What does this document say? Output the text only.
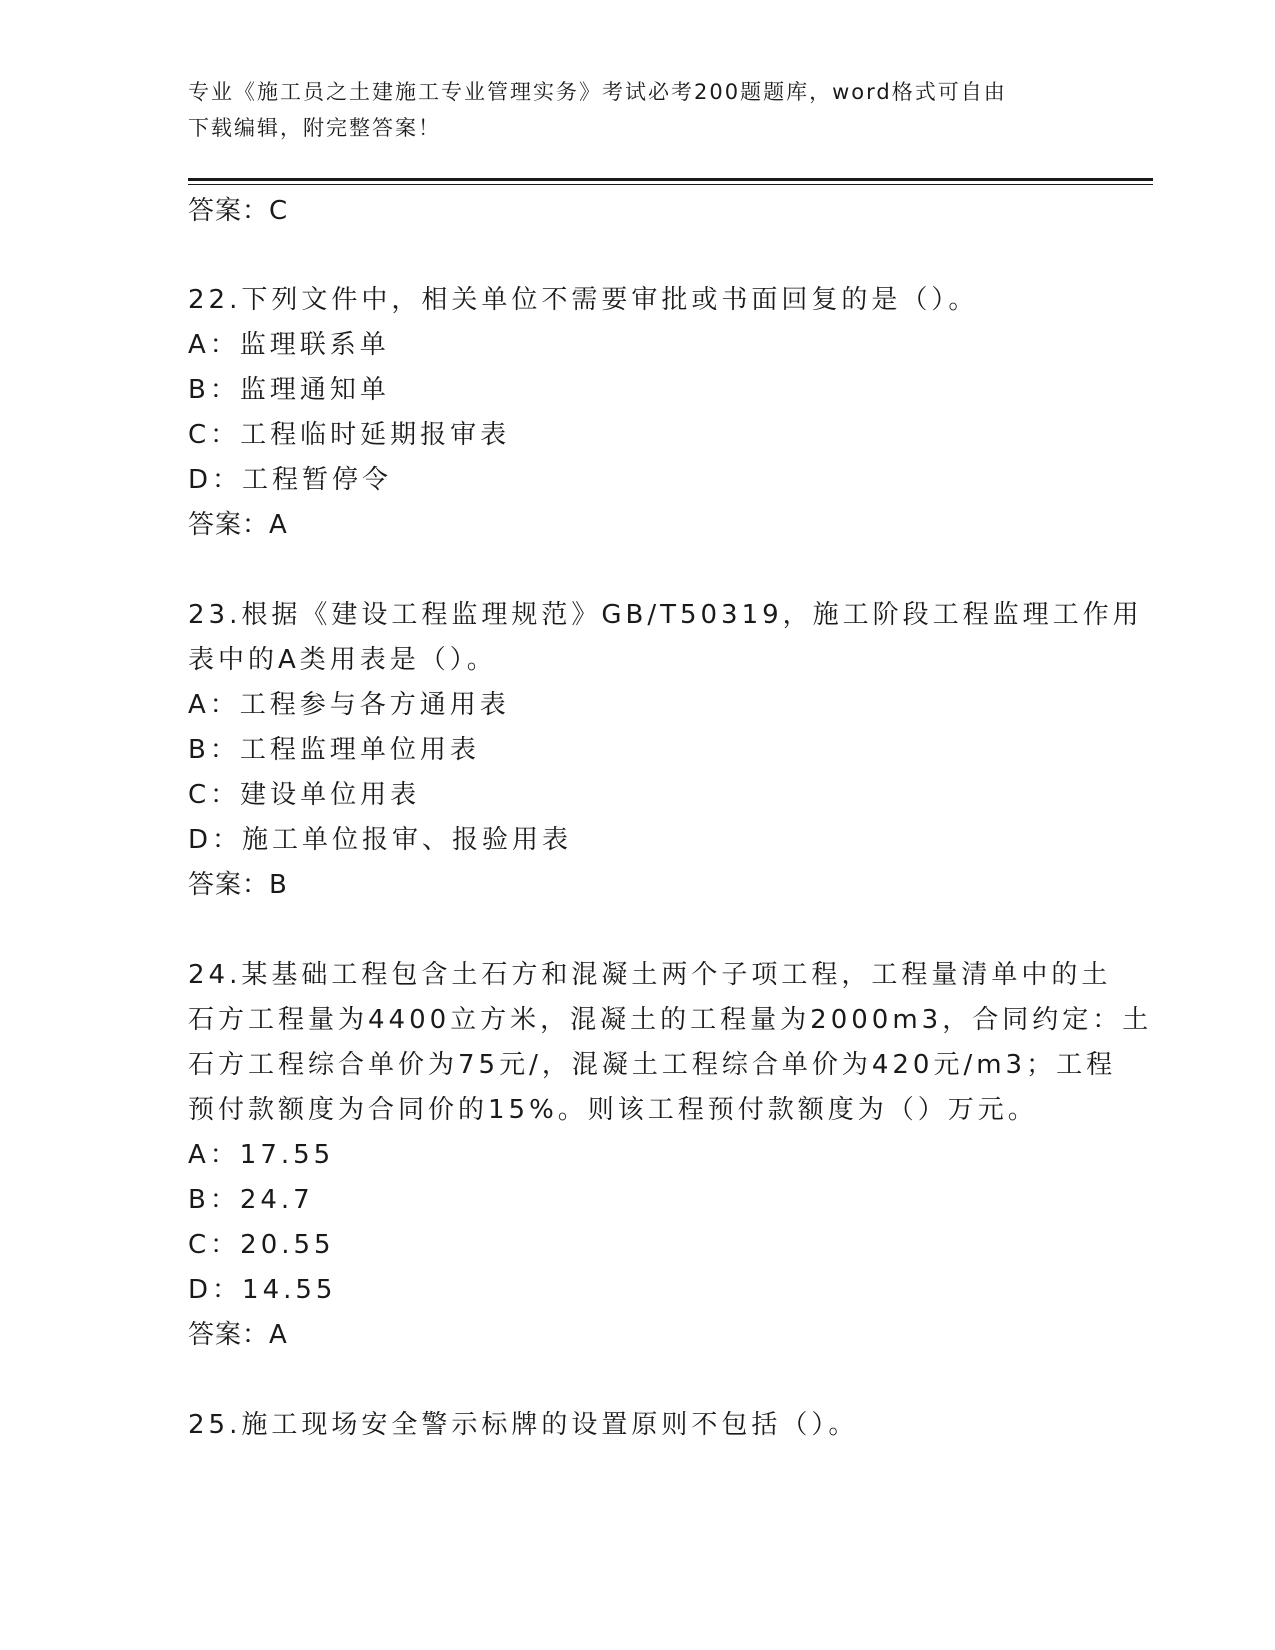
专业《施工员之土建施工专业管理实务》考试必考200题题库，word格式可自由
下载编辑，附完整答案！
答案：C
22.下列文件中，相关单位不需要审批或书面回复的是（）。
A：监理联系单
B：监理通知单
C：工程临时延期报审表
D：工程暂停令
答案：A
23.根据《建设工程监理规范》GB/T50319，施工阶段工程监理工作用
表中的A类用表是（）。
A：工程参与各方通用表
B：工程监理单位用表
C：建设单位用表
D：施工单位报审、报验用表
答案：B
24.某基础工程包含土石方和混凝土两个子项工程，工程量清单中的土
石方工程量为4400立方米，混凝土的工程量为2000m3，合同约定：土
石方工程综合单价为75元/，混凝土工程综合单价为420元/m3；工程
预付款额度为合同价的15%。则该工程预付款额度为（）万元。
A：17.55
B：24.7
C：20.55
D：14.55
答案：A
25.施工现场安全警示标牌的设置原则不包括（）。
